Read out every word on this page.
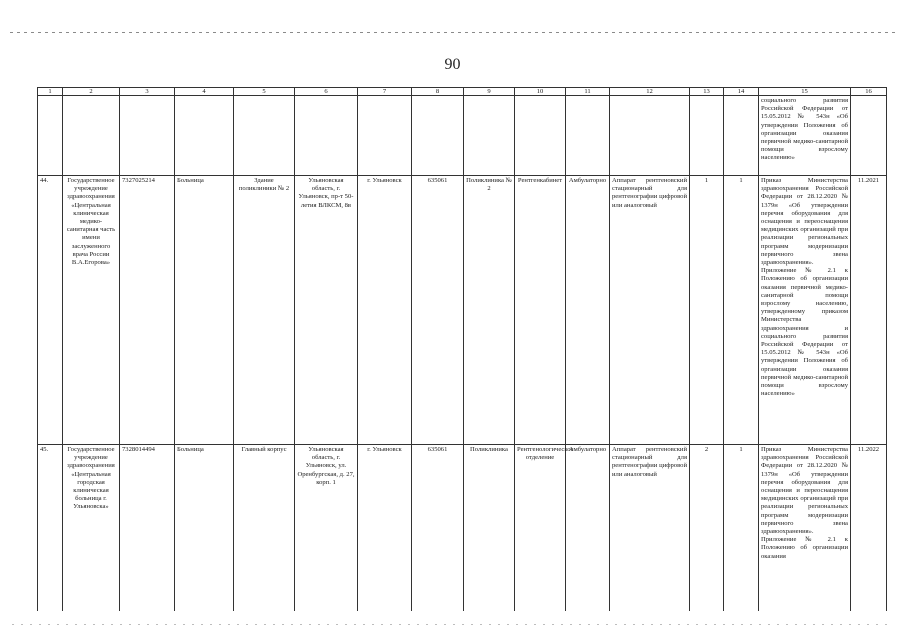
90
1	2	3	4	5	6	7	8	9	10	11	12	13	14	15	16
														социального развития Российской Федерации от 15.05.2012 № 543н «Об утверждении Положения об организации оказания первичной медико-санитарной помощи взрослому населению»	
44.	Государственное учреждение здравоохранения «Центральная клиническая медико-санитарная часть имени заслуженного врача России В.А.Егорова»	7327025214	Больница	Здание поликлиники № 2	Ульяновская область, г. Ульяновск, пр-т 50-летия ВЛКСМ, 8в	г. Ульяновск	635061	Поликлиника № 2	Рентгенкабинет	Амбулаторно	Аппарат рентгеновский стационарный для рентгенографии цифровой или аналоговый	1	1	Приказ Министерства здравоохранения Российской Федерации от 28.12.2020 № 1379н «Об утверждении перечня оборудования для оснащения и переоснащения медицинских организаций при реализации региональных программ модернизации первичного звена здравоохранения». Приложение № 2.1 к Положению об организации оказания первичной медико-санитарной помощи взрослому населению, утвержденному приказом Министерства здравоохранения и социального развития Российской Федерации от 15.05.2012 № 543н «Об утверждении Положения об организации оказания первичной медико-санитарной помощи взрослому населению»	11.2021
45.	Государственное учреждение здравоохранения «Центральная городская клиническая больница г. Ульяновска»	7328014494	Больница	Главный корпус	Ульяновская область, г. Ульяновск, ул. Оренбургская, д. 27, корп. 1	г. Ульяновск	635061	Поликлиника	Рентгенологическое отделение	Амбулаторно	Аппарат рентгеновский стационарный для рентгенографии цифровой или аналоговый	2	1	Приказ Министерства здравоохранения Российской Федерации от 28.12.2020 № 1379н «Об утверждении перечня оборудования для оснащения и переоснащения медицинских организаций при реализации региональных программ модернизации первичного звена здравоохранения». Приложение № 2.1 к Положению об организации оказания	11.2022
